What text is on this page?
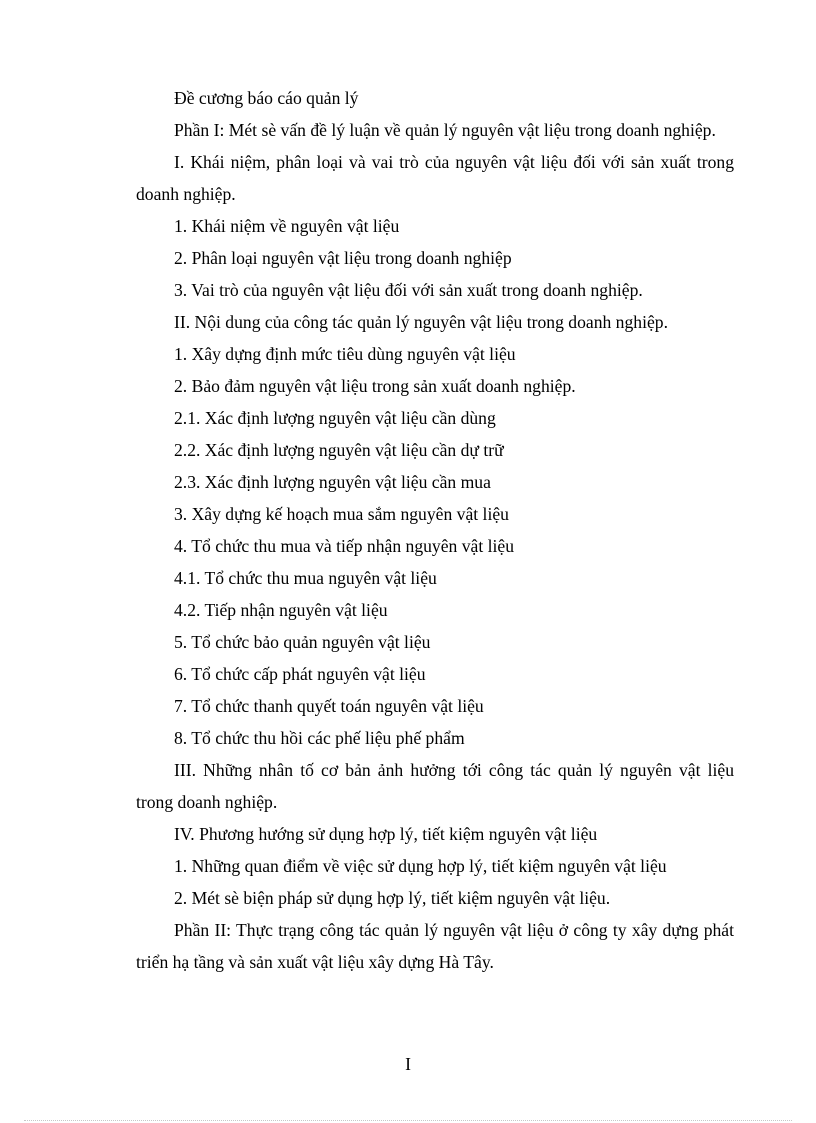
Đề cương báo cáo quản lý

Phần I: Mét sè vấn đề lý luận về quản lý nguyên vật liệu trong doanh nghiệp.

I. Khái niệm, phân loại và vai trò của nguyên vật liệu đối với sản xuất trong doanh nghiệp.

1. Khái niệm về nguyên vật liệu

2. Phân loại nguyên vật liệu trong doanh nghiệp

3. Vai trò của nguyên vật liệu đối với sản xuất trong doanh nghiệp.

II. Nội dung của công tác quản lý nguyên vật liệu trong doanh nghiệp.

1. Xây dựng định mức tiêu dùng nguyên vật liệu

2. Bảo đảm nguyên vật liệu trong sản xuất doanh nghiệp.

2.1. Xác định lượng nguyên vật liệu cần dùng

2.2. Xác định lượng nguyên vật liệu cần dự trữ

2.3. Xác định lượng nguyên vật liệu cần mua

3. Xây dựng kế hoạch mua sắm nguyên vật liệu

4. Tổ chức thu mua và tiếp nhận nguyên vật liệu

4.1. Tổ chức thu mua nguyên vật liệu

4.2. Tiếp nhận nguyên vật liệu

5. Tổ chức bảo quản nguyên vật liệu

6. Tổ chức cấp phát nguyên vật liệu

7. Tổ chức thanh quyết toán nguyên vật liệu

8. Tổ chức thu hồi các phế liệu phế phẩm

III. Những nhân tố cơ bản ảnh hưởng tới công tác quản lý nguyên vật liệu trong doanh nghiệp.

IV. Phương hướng sử dụng hợp lý, tiết kiệm nguyên vật liệu

1. Những quan điểm về việc sử dụng hợp lý, tiết kiệm nguyên vật liệu

2. Mét sè biện pháp sử dụng hợp lý, tiết kiệm nguyên vật liệu.

Phần II: Thực trạng công tác quản lý nguyên vật liệu ở công ty xây dựng phát triển hạ tầng và sản xuất vật liệu xây dựng Hà Tây.

I
